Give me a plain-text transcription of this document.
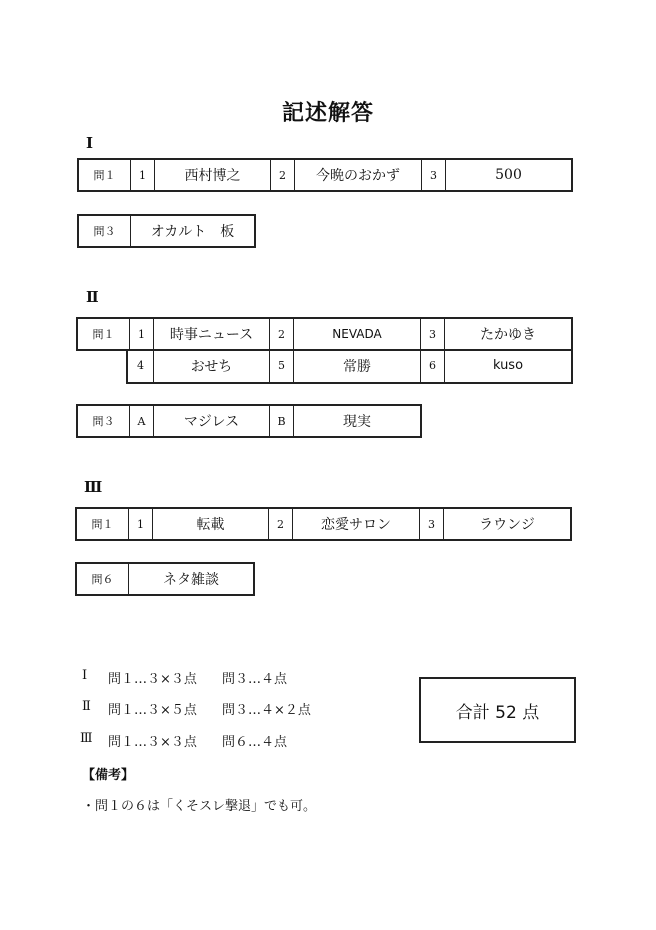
記述解答
I
問１	1	西村博之	2	今晩のおかず	3	500
問３	オカルト　板
Ⅱ
問１	1	時事ニュース	2	NEVADA	3	たかゆき
4	おせち	5	常勝	6	kuso
問３	A	マジレス	B	現実
Ⅲ
問１	1	転載	2	恋愛サロン	3	ラウンジ
問６	ネタ雑談
Ⅰ 問１…３×３点 問３…４点
Ⅱ 問１…３×５点 問３…４×２点
Ⅲ 問１…３×３点 問６…４点
合計 52 点
【備考】
・問１の６は「くそスレ撃退」でも可。
